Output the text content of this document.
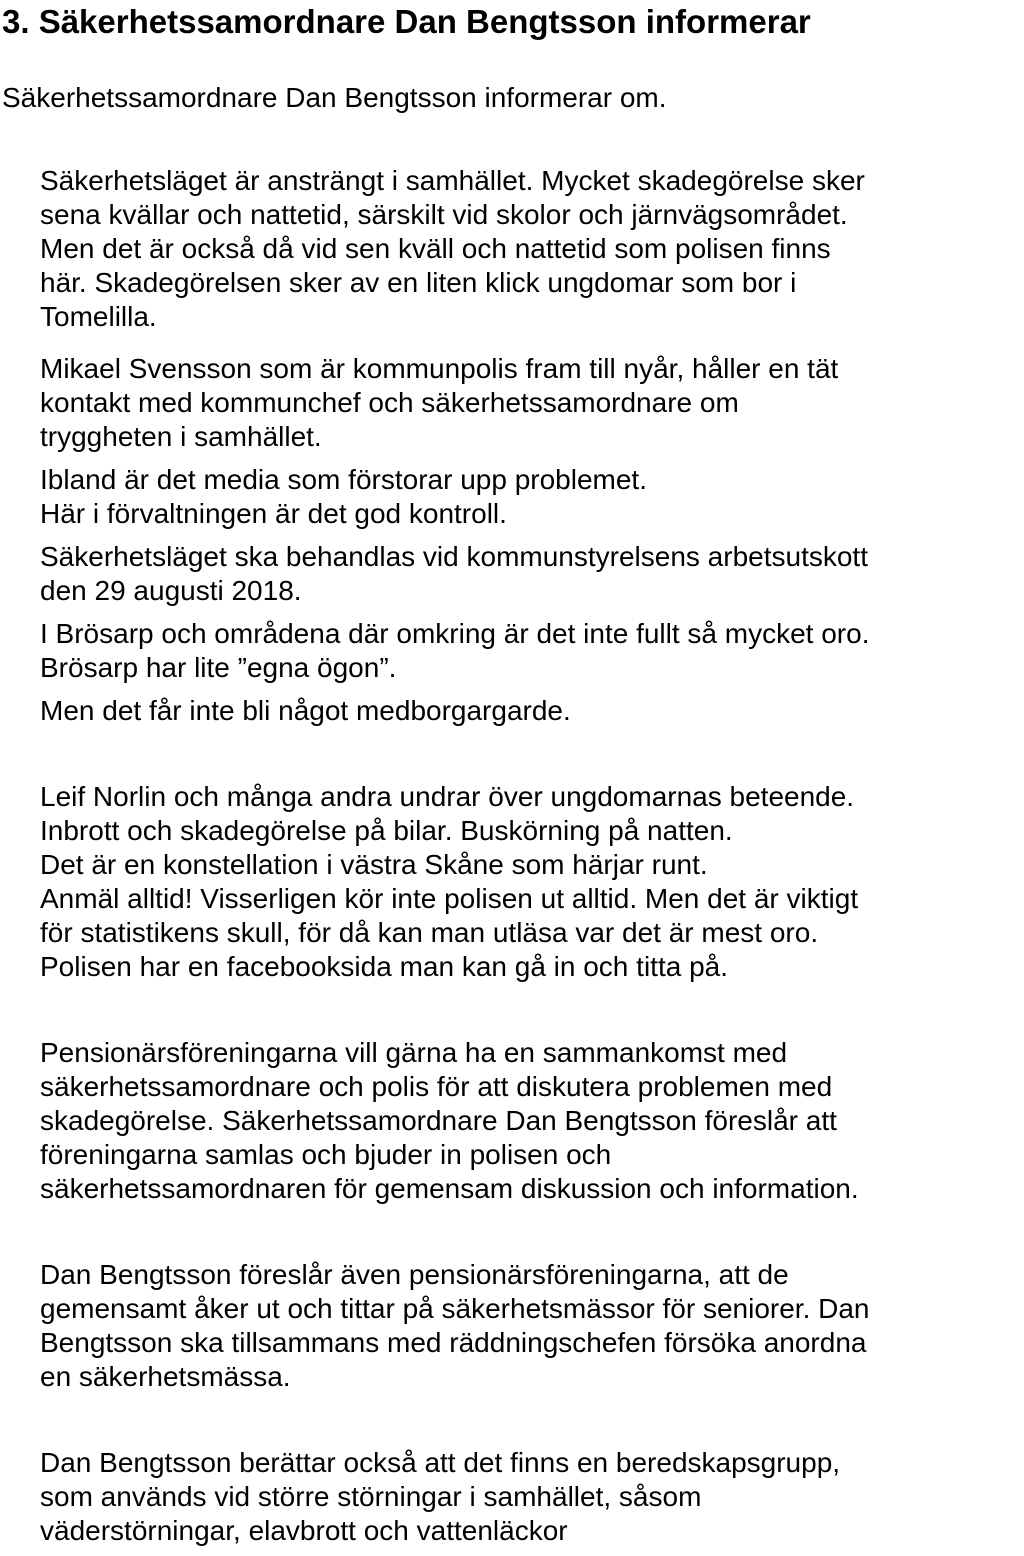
3. Säkerhetssamordnare Dan Bengtsson informerar
Säkerhetssamordnare Dan Bengtsson informerar om.
Säkerhetsläget är ansträngt i samhället. Mycket skadegörelse sker
sena kvällar och nattetid, särskilt vid skolor och järnvägsområdet.
Men det är också då vid sen kväll och nattetid som polisen finns
här. Skadegörelsen sker av en liten klick ungdomar som bor i
Tomelilla.
Mikael Svensson som är kommunpolis fram till nyår, håller en tät
kontakt med kommunchef och säkerhetssamordnare om
tryggheten i samhället.
Ibland är det media som förstorar upp problemet.
Här i förvaltningen är det god kontroll.
Säkerhetsläget ska behandlas vid kommunstyrelsens arbetsutskott
den 29 augusti 2018.
I Brösarp och områdena där omkring är det inte fullt så mycket oro.
Brösarp har lite ”egna ögon”.
Men det får inte bli något medborgargarde.
Leif Norlin och många andra undrar över ungdomarnas beteende.
Inbrott och skadegörelse på bilar. Buskörning på natten.
Det är en konstellation i västra Skåne som härjar runt.
Anmäl alltid! Visserligen kör inte polisen ut alltid. Men det är viktigt
för statistikens skull, för då kan man utläsa var det är mest oro.
Polisen har en facebooksida man kan gå in och titta på.
Pensionärsföreningarna vill gärna ha en sammankomst med
säkerhetssamordnare och polis för att diskutera problemen med
skadegörelse. Säkerhetssamordnare Dan Bengtsson föreslår att
föreningarna samlas och bjuder in polisen och
säkerhetssamordnaren för gemensam diskussion och information.
Dan Bengtsson föreslår även pensionärsföreningarna, att de
gemensamt åker ut och tittar på säkerhetsmässor för seniorer. Dan
Bengtsson ska tillsammans med räddningschefen försöka anordna
en säkerhetsmässa.
Dan Bengtsson berättar också att det finns en beredskapsgrupp,
som används vid större störningar i samhället, såsom
väderstörningar, elavbrott och vattenläckor
